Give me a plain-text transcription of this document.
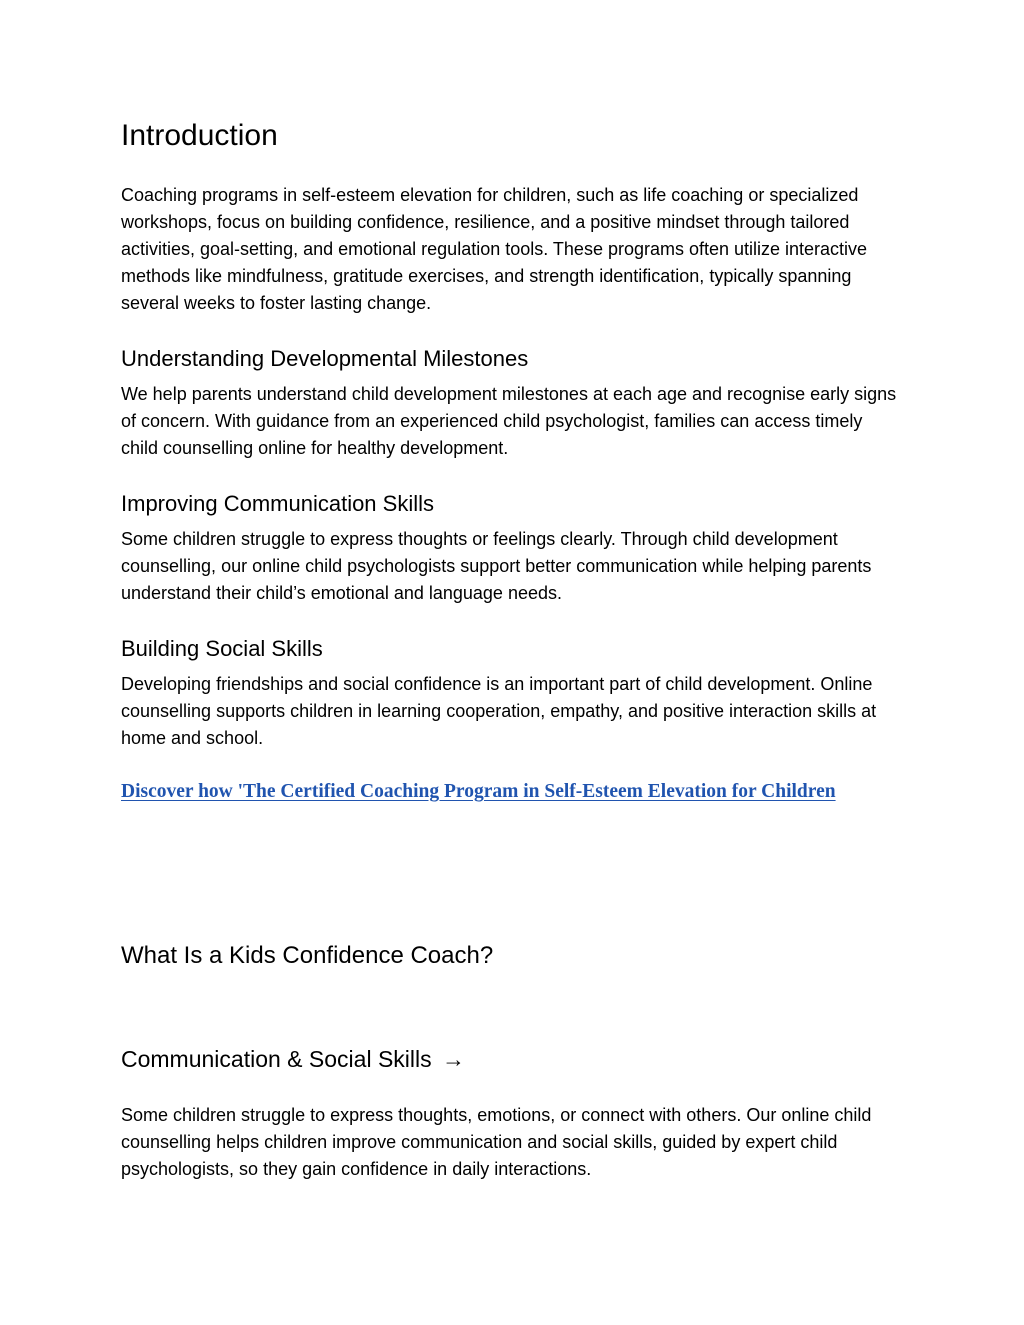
Introduction

Coaching programs in self-esteem elevation for children, such as life coaching or specialized workshops, focus on building confidence, resilience, and a positive mindset through tailored activities, goal-setting, and emotional regulation tools. These programs often utilize interactive methods like mindfulness, gratitude exercises, and strength identification, typically spanning several weeks to foster lasting change.

Understanding Developmental Milestones

We help parents understand child development milestones at each age and recognise early signs of concern. With guidance from an experienced child psychologist, families can access timely child counselling online for healthy development.

Improving Communication Skills

Some children struggle to express thoughts or feelings clearly. Through child development counselling, our online child psychologists support better communication while helping parents understand their child’s emotional and language needs.

Building Social Skills

Developing friendships and social confidence is an important part of child development. Online counselling supports children in learning cooperation, empathy, and positive interaction skills at home and school.

Discover how 'The Certified Coaching Program in Self-Esteem Elevation for Children

What Is a Kids Confidence Coach?
Communication & Social Skills →

Some children struggle to express thoughts, emotions, or connect with others. Our online child counselling helps children improve communication and social skills, guided by expert child psychologists, so they gain confidence in daily interactions.
